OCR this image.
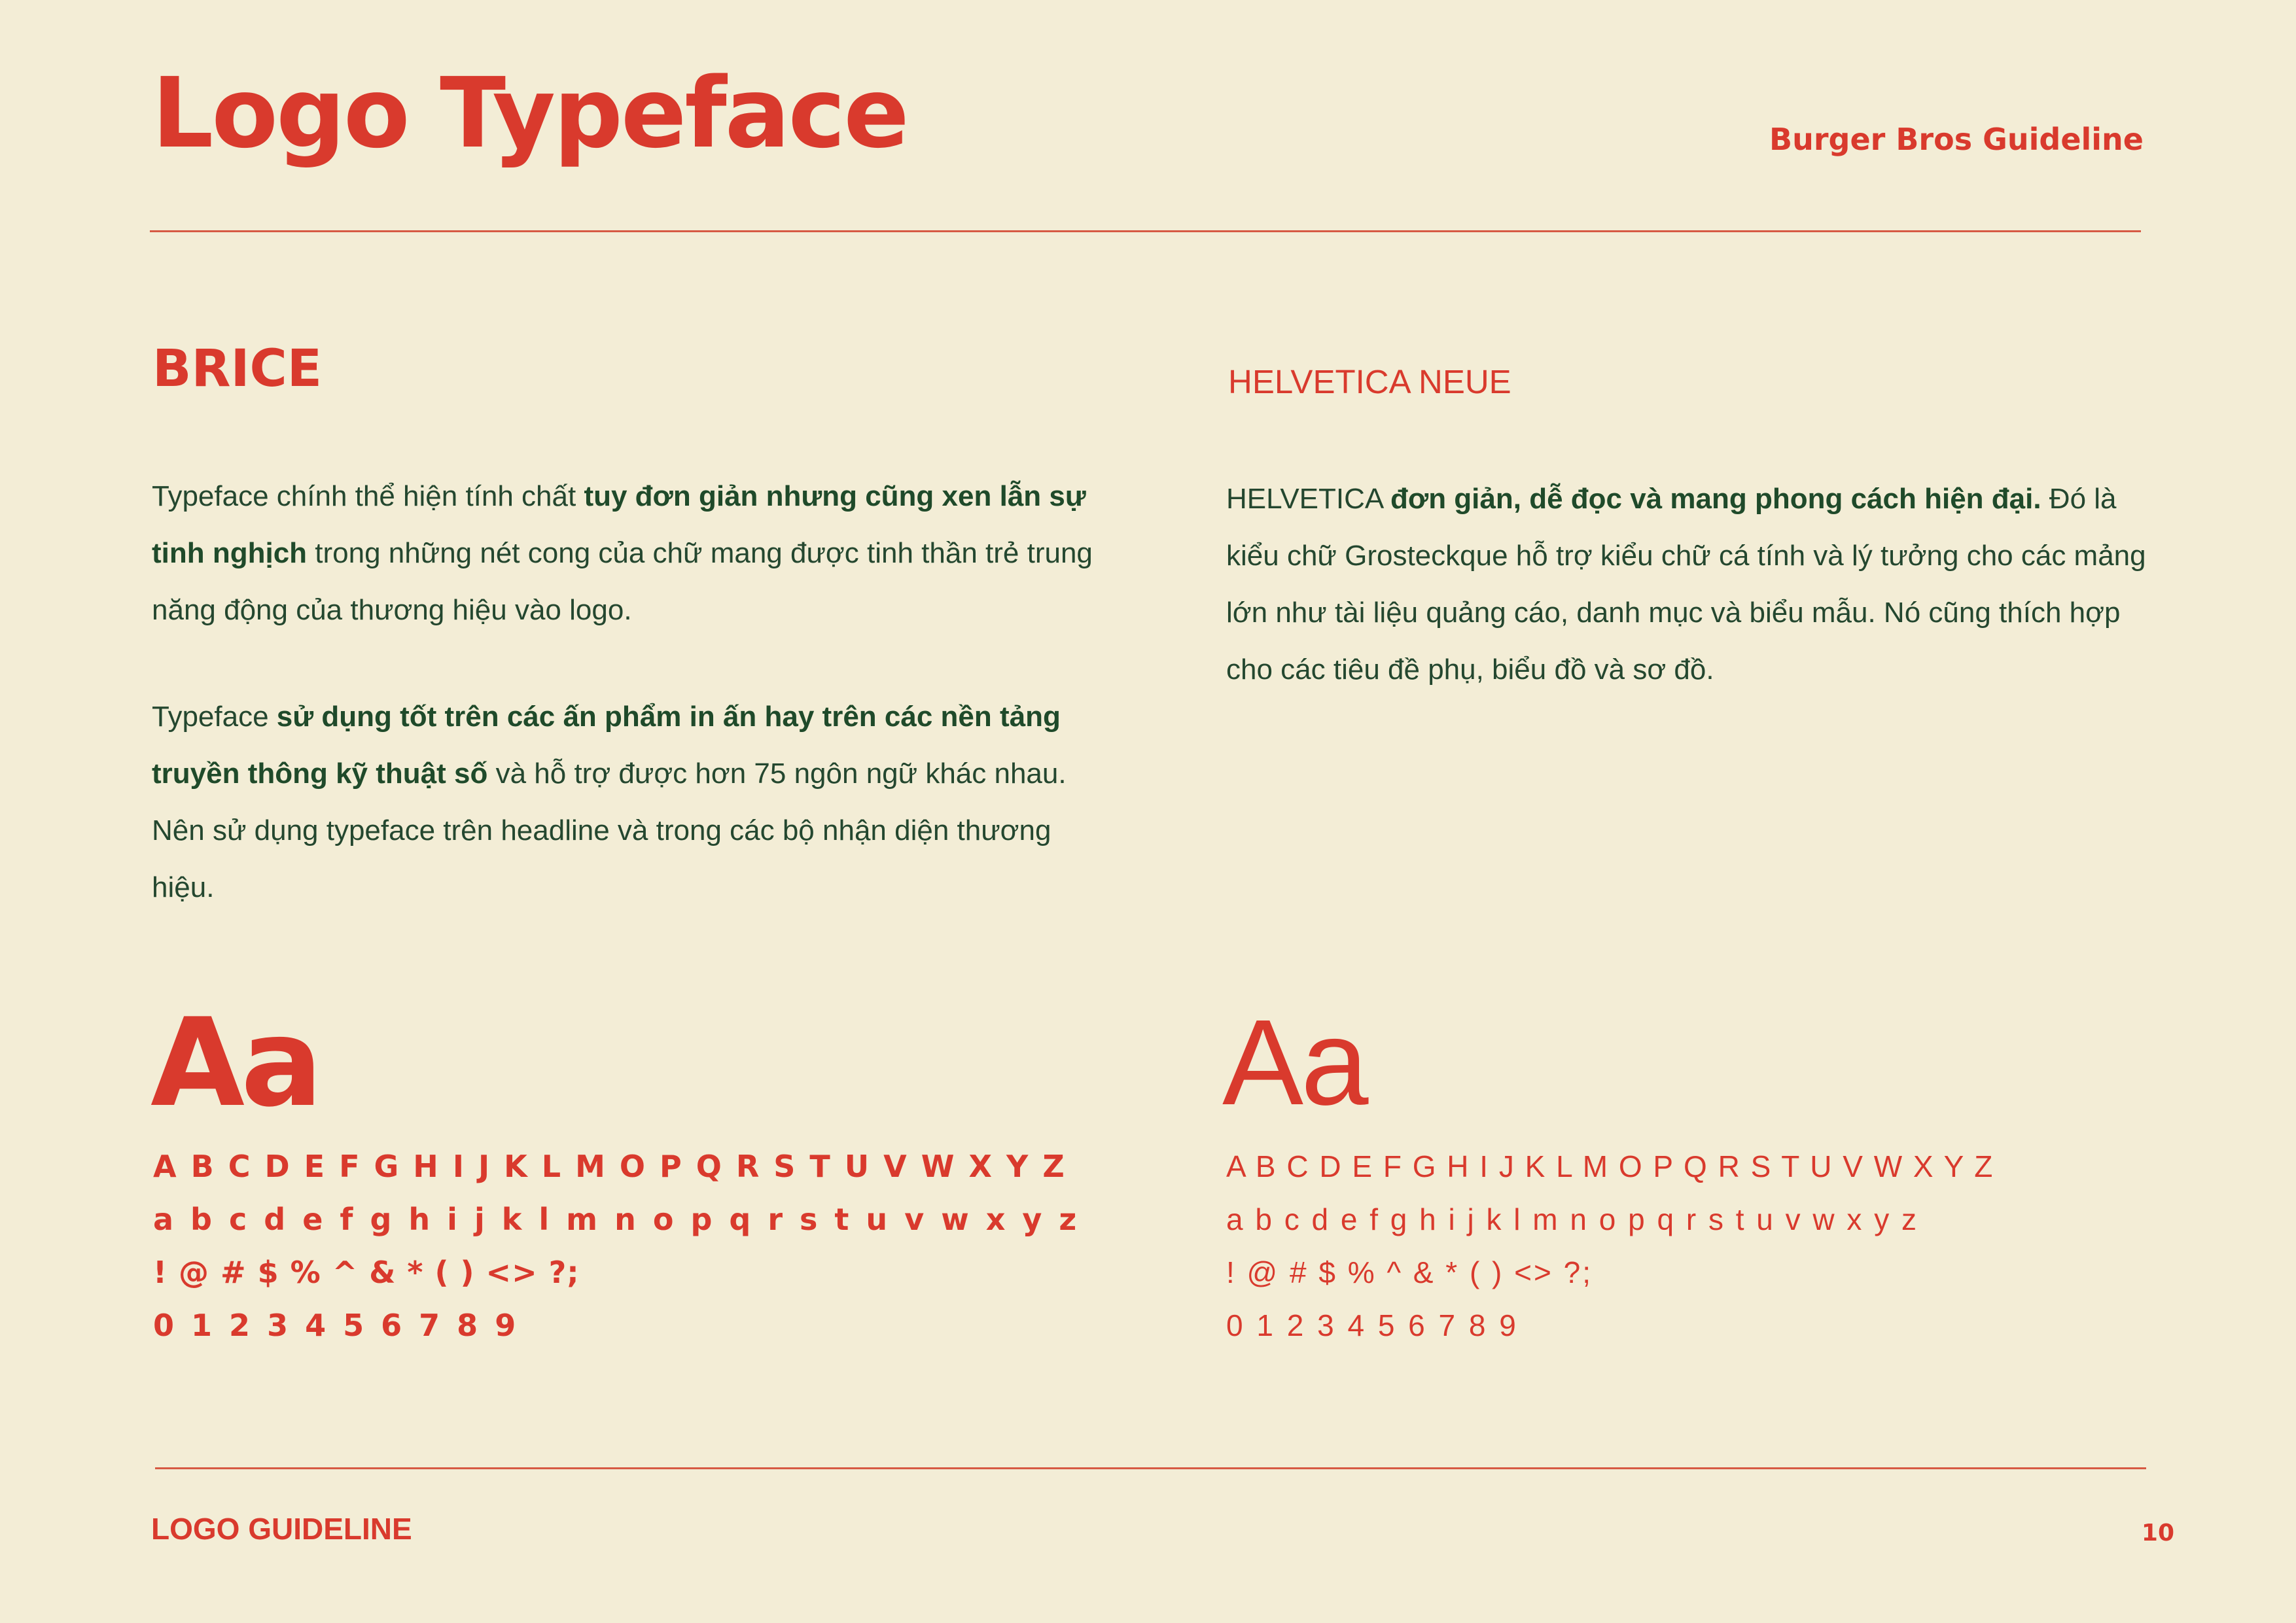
Logo Typeface	Burger Bros Guideline
BRICE	HELVETICA NEUE
Typeface chính thể hiện tính chất tuy đơn giản nhưng cũng xen lẫn sự tinh nghịch trong những nét cong của chữ mang được tinh thần trẻ trung năng động của thương hiệu vào logo.
Typeface sử dụng tốt trên các ấn phẩm in ấn hay trên các nền tảng truyền thông kỹ thuật số và hỗ trợ được hơn 75 ngôn ngữ khác nhau. Nên sử dụng typeface trên headline và trong các bộ nhận diện thương hiệu.
HELVETICA đơn giản, dễ đọc và mang phong cách hiện đại. Đó là kiểu chữ Grosteckque hỗ trợ kiểu chữ cá tính và lý tưởng cho các mảng lớn như tài liệu quảng cáo, danh mục và biểu mẫu. Nó cũng thích hợp cho các tiêu đề phụ, biểu đồ và sơ đồ.
Aa	Aa
A B C D E F G H I J K L M O P Q R S T U V W X Y Z
a b c d e f g h i j k l m n o p q r s t u v w x y z
! @ # $ % ^ & * ( ) <> ?;
0 1 2 3 4 5 6 7 8 9
A B C D E F G H I J K L M O P Q R S T U V W X Y Z
a b c d e f g h i j k l m n o p q r s t u v w x y z
! @ # $ % ^ & * ( ) <> ?;
0 1 2 3 4 5 6 7 8 9
LOGO GUIDELINE	10
